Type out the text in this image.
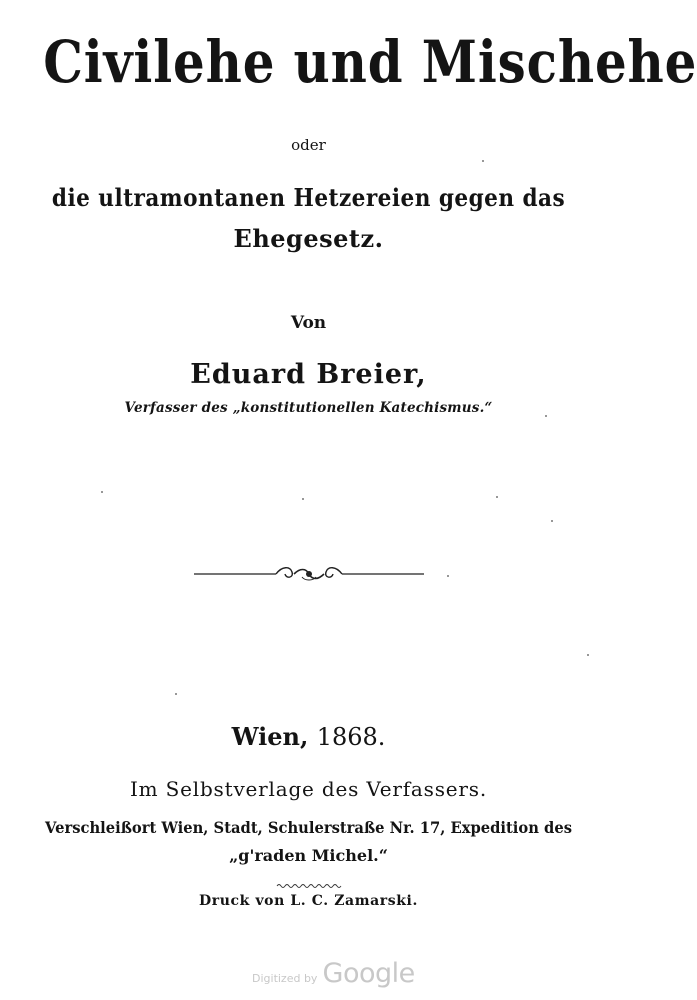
Civilehe und Mischehe
oder
die ultramontanen Hetzereien gegen das
Ehegesetz.
Von
Eduard Breier,
Verfasser des „konstitutionellen Katechismus.“
Wien, 1868.
Im Selbstverlage des Verfassers.
Verschleißort Wien, Stadt, Schulerstraße Nr. 17, Expedition des
„g'raden Michel.“
Druck von L. C. Zamarski.
Digitized by Google
